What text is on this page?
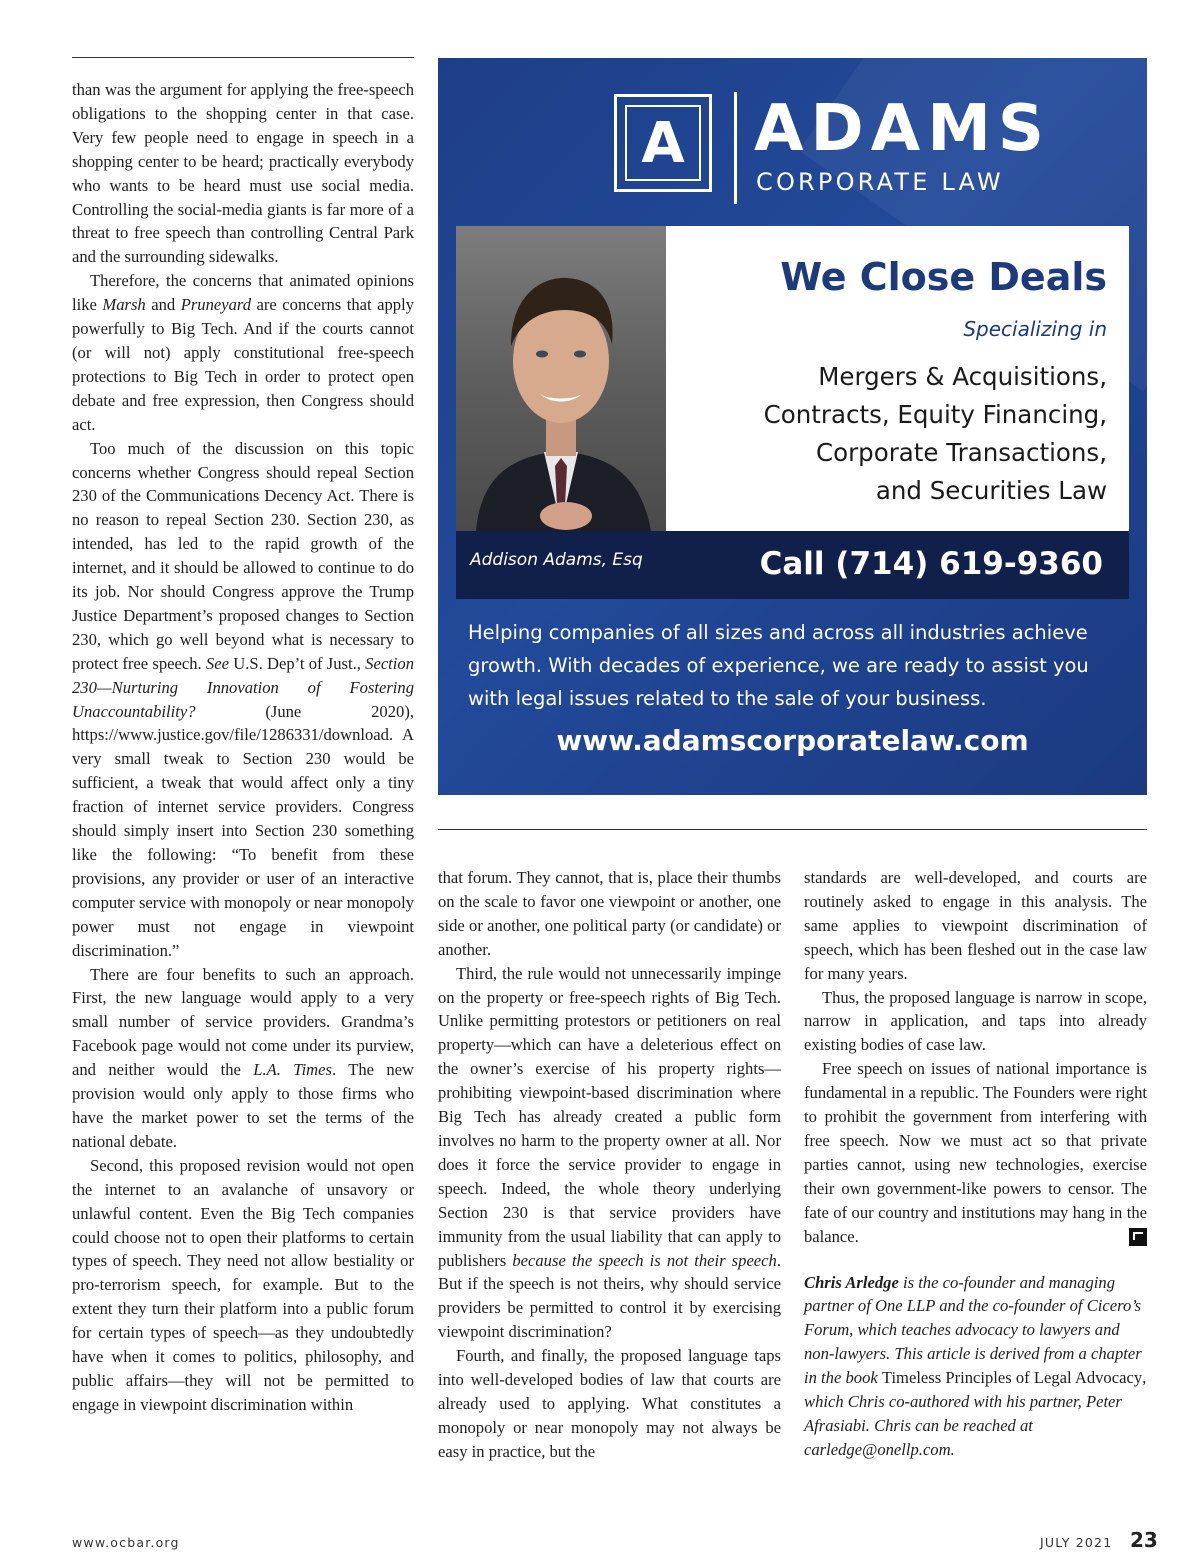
than was the argument for applying the free-speech obligations to the shopping center in that case. Very few people need to engage in speech in a shopping center to be heard; practically everybody who wants to be heard must use social media. Controlling the social-media giants is far more of a threat to free speech than controlling Central Park and the surrounding sidewalks.

Therefore, the concerns that animated opinions like Marsh and Pruneyard are concerns that apply powerfully to Big Tech. And if the courts cannot (or will not) apply constitutional free-speech protections to Big Tech in order to protect open debate and free expression, then Congress should act.

Too much of the discussion on this topic concerns whether Congress should repeal Section 230 of the Communications Decency Act. There is no reason to repeal Section 230. Section 230, as intended, has led to the rapid growth of the internet, and it should be allowed to continue to do its job. Nor should Congress approve the Trump Justice Department’s proposed changes to Section 230, which go well beyond what is necessary to protect free speech. See U.S. Dep’t of Just., Section 230—Nurturing Innovation of Fostering Unaccountability? (June 2020), https://www.justice.gov/file/1286331/download. A very small tweak to Section 230 would be sufficient, a tweak that would affect only a tiny fraction of internet service providers. Congress should simply insert into Section 230 something like the following: “To benefit from these provisions, any provider or user of an interactive computer service with monopoly or near monopoly power must not engage in viewpoint discrimination.”

There are four benefits to such an approach. First, the new language would apply to a very small number of service providers. Grandma’s Facebook page would not come under its purview, and neither would the L.A. Times. The new provision would only apply to those firms who have the market power to set the terms of the national debate.

Second, this proposed revision would not open the internet to an avalanche of unsavory or unlawful content. Even the Big Tech companies could choose not to open their platforms to certain types of speech. They need not allow bestiality or pro-terrorism speech, for example. But to the extent they turn their platform into a public forum for certain types of speech—as they undoubtedly have when it comes to politics, philosophy, and public affairs—they will not be permitted to engage in viewpoint discrimination within

A ADAMS
CORPORATE LAW
We Close Deals
Specializing in
Mergers & Acquisitions,
Contracts, Equity Financing,
Corporate Transactions,
and Securities Law
Addison Adams, Esq	Call (714) 619-9360
Helping companies of all sizes and across all industries achieve growth. With decades of experience, we are ready to assist you with legal issues related to the sale of your business.
www.adamscorporatelaw.com

that forum. They cannot, that is, place their thumbs on the scale to favor one viewpoint or another, one side or another, one political party (or candidate) or another.

Third, the rule would not unnecessarily impinge on the property or free-speech rights of Big Tech. Unlike permitting protestors or petitioners on real property—which can have a deleterious effect on the owner’s exercise of his property rights—prohibiting viewpoint-based discrimination where Big Tech has already created a public form involves no harm to the property owner at all. Nor does it force the service provider to engage in speech. Indeed, the whole theory underlying Section 230 is that service providers have immunity from the usual liability that can apply to publishers because the speech is not their speech. But if the speech is not theirs, why should service providers be permitted to control it by exercising viewpoint discrimination?

Fourth, and finally, the proposed language taps into well-developed bodies of law that courts are already used to applying. What constitutes a monopoly or near monopoly may not always be easy in practice, but the

standards are well-developed, and courts are routinely asked to engage in this analysis. The same applies to viewpoint discrimination of speech, which has been fleshed out in the case law for many years.

Thus, the proposed language is narrow in scope, narrow in application, and taps into already existing bodies of case law.

Free speech on issues of national importance is fundamental in a republic. The Founders were right to prohibit the government from interfering with free speech. Now we must act so that private parties cannot, using new technologies, exercise their own government-like powers to censor. The fate of our country and institutions may hang in the balance.

Chris Arledge is the co-founder and managing partner of One LLP and the co-founder of Cicero’s Forum, which teaches advocacy to lawyers and non-lawyers. This article is derived from a chapter in the book Timeless Principles of Legal Advocacy, which Chris co-authored with his partner, Peter Afrasiabi. Chris can be reached at carledge@onellp.com.

www.ocbar.org	JULY 2021 23
